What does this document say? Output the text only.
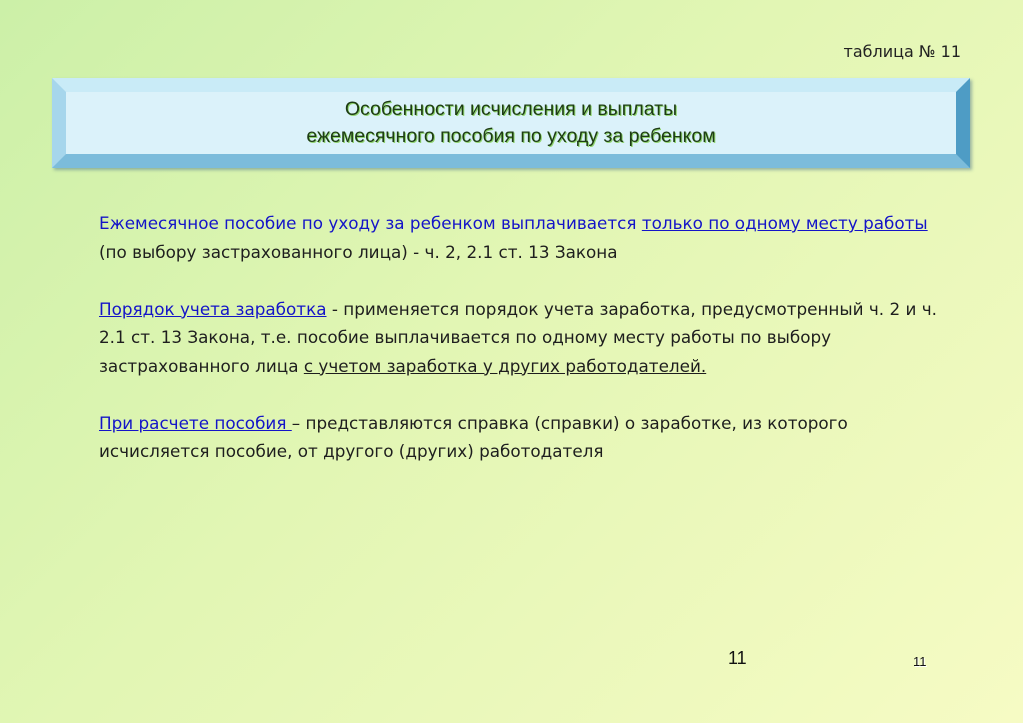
таблица № 11
Особенности исчисления и выплаты
ежемесячного пособия по уходу за ребенком

Ежемесячное пособие по уходу за ребенком выплачивается только по одному месту работы (по выбору застрахованного лица) - ч. 2, 2.1 ст. 13 Закона

Порядок учета заработка - применяется порядок учета заработка, предусмотренный ч. 2 и ч. 2.1 ст. 13 Закона, т.е. пособие выплачивается по одному месту работы по выбору застрахованного лица с учетом заработка у других работодателей.

При расчете пособия – представляются справка (справки) о заработке, из которого исчисляется пособие, от другого (других) работодателя

11	11
